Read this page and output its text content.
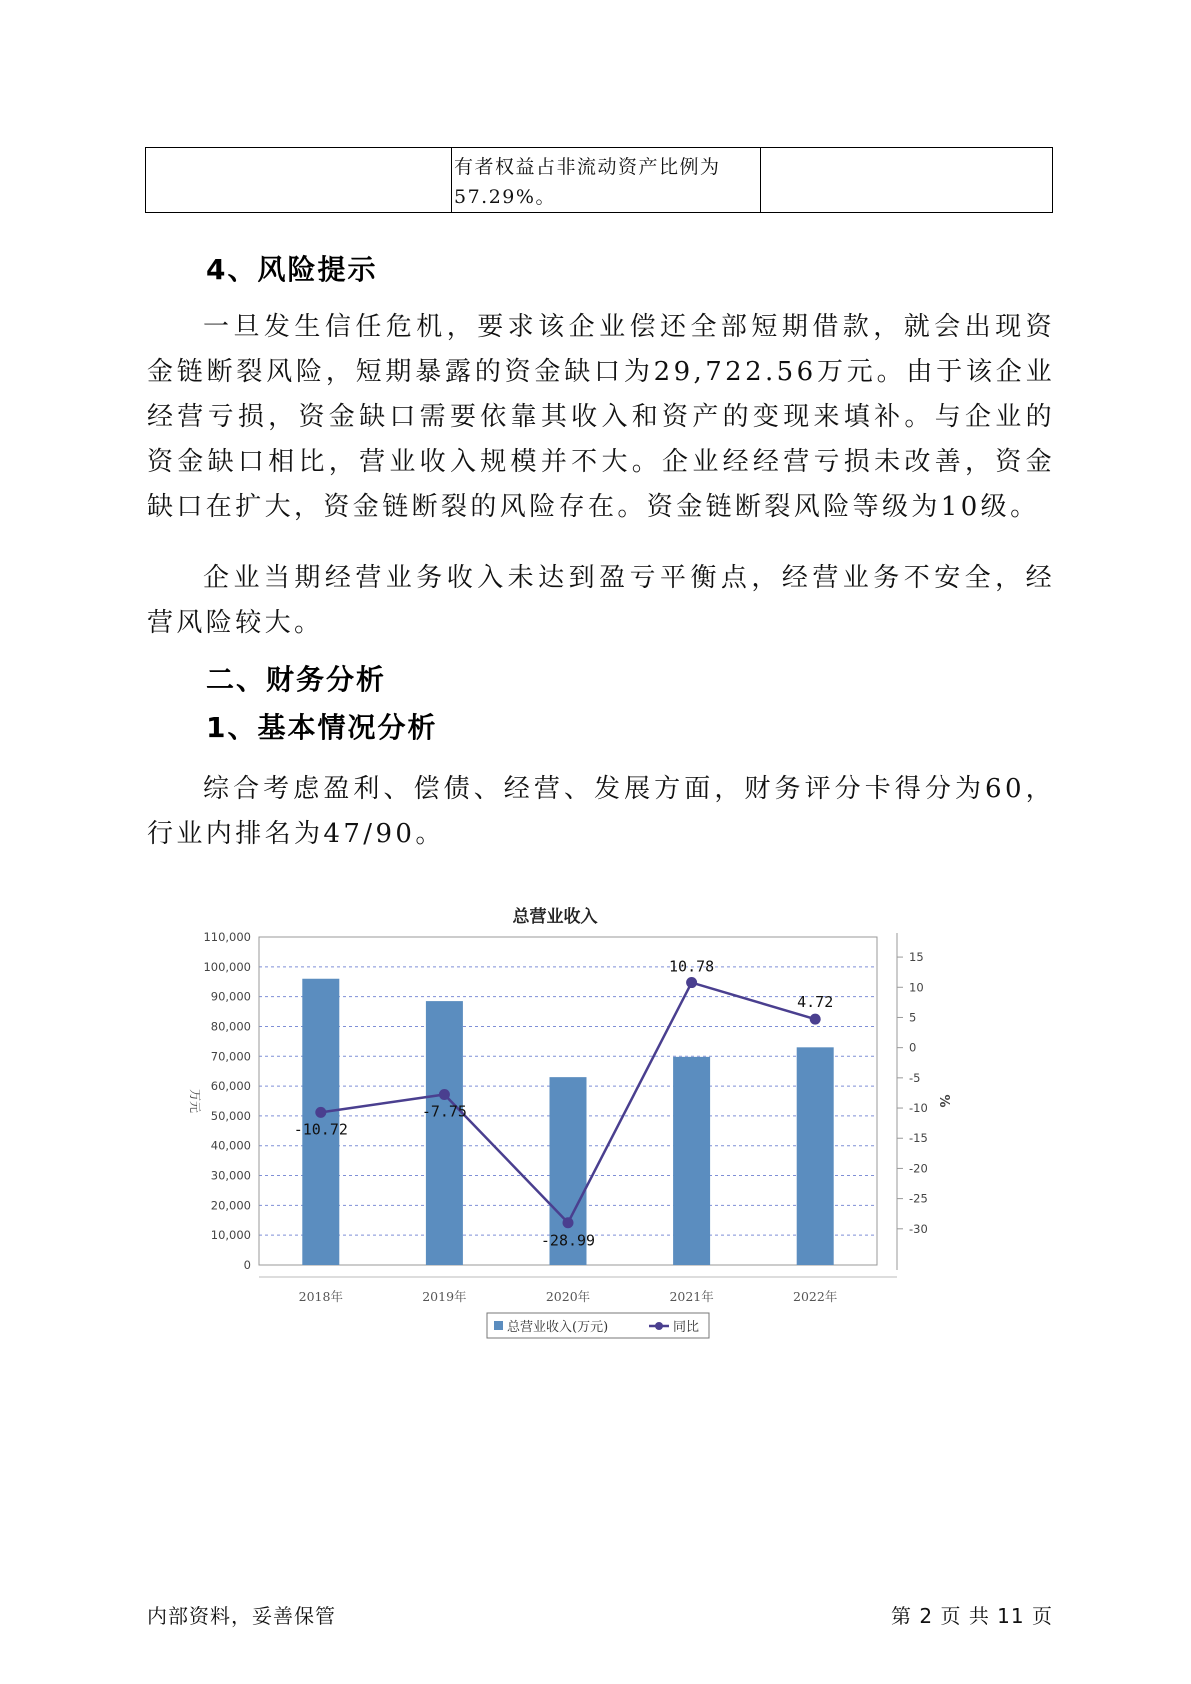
	有者权益占非流动资产比例为57.29%。	
4、风险提示
一旦发生信任危机，要求该企业偿还全部短期借款，就会出现资金链断裂风险，短期暴露的资金缺口为29,722.56万元。由于该企业经营亏损，资金缺口需要依靠其收入和资产的变现来填补。与企业的资金缺口相比，营业收入规模并不大。企业经经营亏损未改善，资金缺口在扩大，资金链断裂的风险存在。资金链断裂风险等级为10级。
企业当期经营业务收入未达到盈亏平衡点，经营业务不安全，经营风险较大。
二、财务分析
1、基本情况分析
综合考虑盈利、偿债、经营、发展方面，财务评分卡得分为60，行业内排名为47/90。
总营业收入
0
10,000
20,000
30,000
40,000
50,000
60,000
70,000
80,000
90,000
100,000
110,000
15
10
5
0
-5
-10
-15
-20
-25
-30
万元	%
2018年	2019年	2020年	2021年	2022年
-10.72
-7.75
-28.99
10.78
4.72
总营业收入(万元)	同比
内部资料，妥善保管	第 2 页 共 11 页
